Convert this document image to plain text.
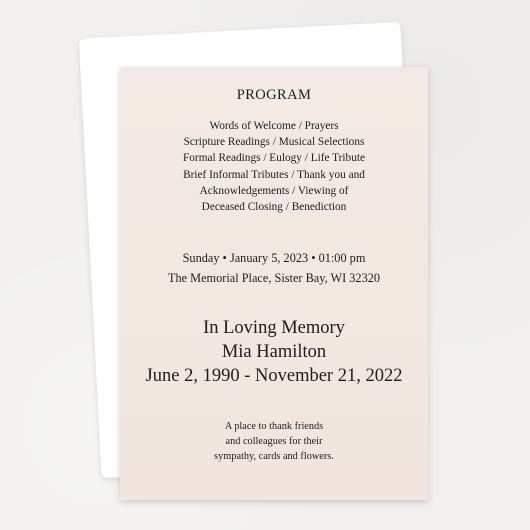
PROGRAM
Words of Welcome / Prayers
Scripture Readings / Musical Selections
Formal Readings / Eulogy / Life Tribute
Brief Informal Tributes / Thank you and
Acknowledgements / Viewing of
Deceased Closing / Benediction
Sunday • January 5, 2023 • 01:00 pm
The Memorial Place, Sister Bay, WI 32320
In Loving Memory
Mia Hamilton
June 2, 1990 - November 21, 2022
A place to thank friends
and colleagues for their
sympathy, cards and flowers.
